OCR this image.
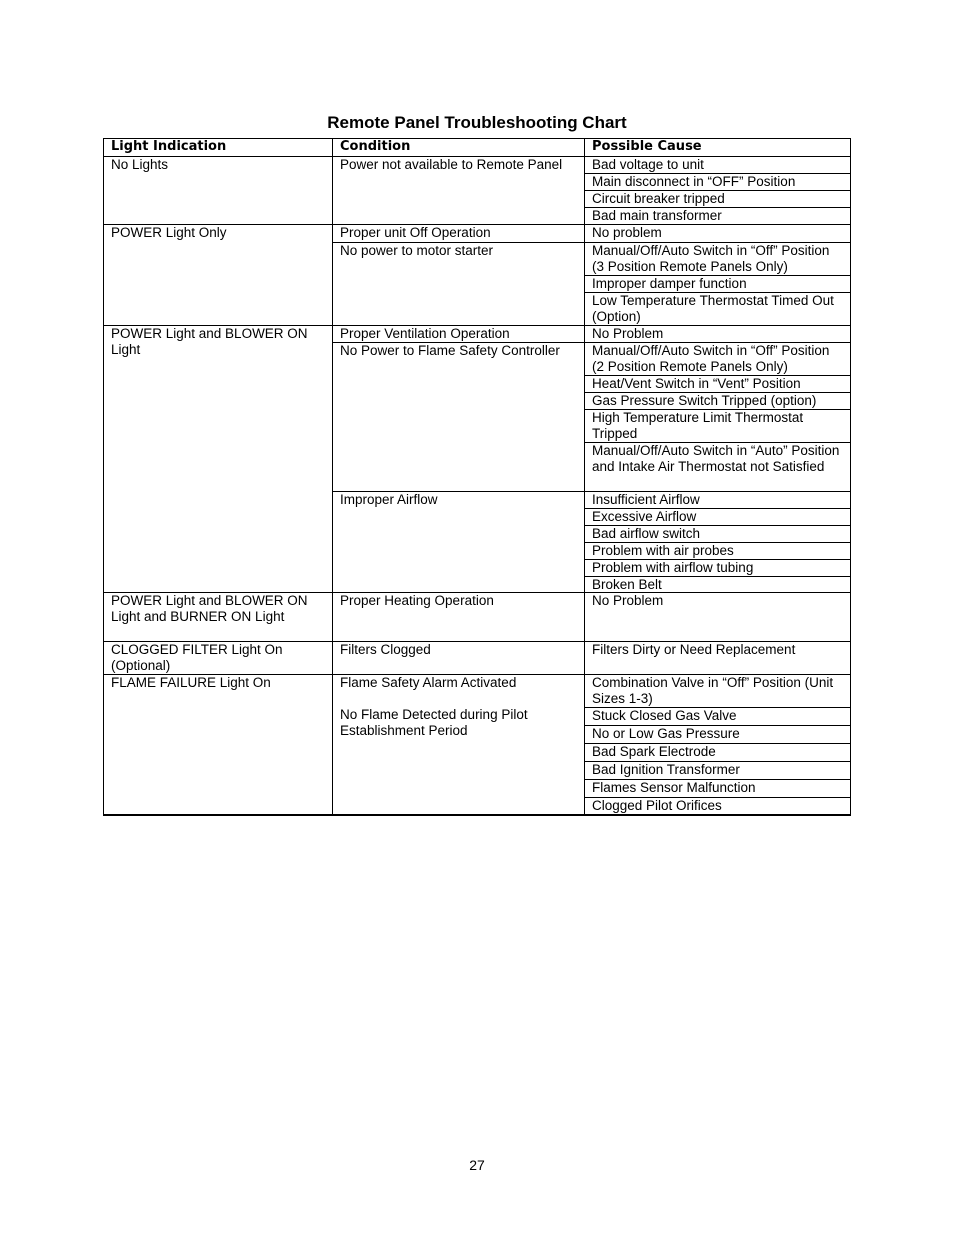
Remote Panel Troubleshooting Chart
Light Indication	Condition	Possible Cause
Bad voltage to unit
Main disconnect in “OFF” Position
Circuit breaker tripped
Bad main transformer
Power not available to Remote Panel
No Lights
No problem
Proper unit Off Operation
Manual/Off/Auto Switch in “Off” Position (3 Position Remote Panels Only)
Improper damper function
Low Temperature Thermostat Timed Out (Option)
No power to motor starter
POWER Light Only
No Problem
Proper Ventilation Operation
Manual/Off/Auto Switch in “Off” Position (2 Position Remote Panels Only)
Heat/Vent Switch in “Vent” Position
Gas Pressure Switch Tripped (option)
High Temperature Limit Thermostat Tripped
Manual/Off/Auto Switch in “Auto” Position and Intake Air Thermostat not Satisfied
No Power to Flame Safety Controller
Insufficient Airflow
Excessive Airflow
Bad airflow switch
Problem with air probes
Problem with airflow tubing
Broken Belt
Improper Airflow
POWER Light and BLOWER ON Light
No Problem
Proper Heating Operation
POWER Light and BLOWER ON Light and BURNER ON Light
Filters Dirty or Need Replacement
Filters Clogged
CLOGGED FILTER Light On (Optional)
Combination Valve in “Off” Position (Unit Sizes 1-3)
Stuck Closed Gas Valve
No or Low Gas Pressure
Bad Spark Electrode
Bad Ignition Transformer
Flames Sensor Malfunction
Clogged Pilot Orifices
Flame Safety Alarm Activated
No Flame Detected during Pilot Establishment Period
FLAME FAILURE Light On
27
